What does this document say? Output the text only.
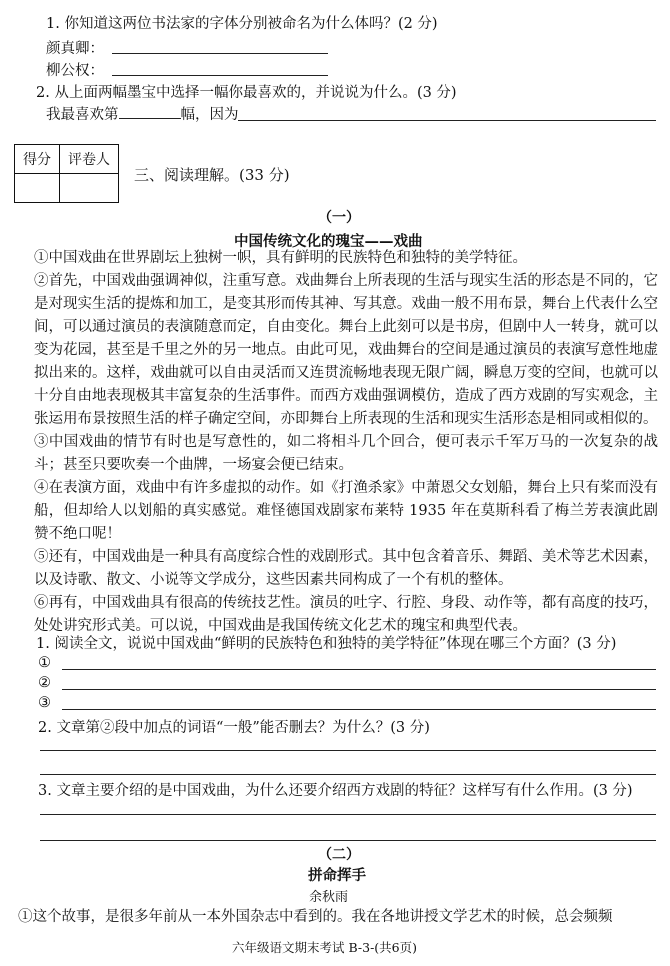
1. 你知道这两位书法家的字体分别被命名为什么体吗？(2 分)
颜真卿：
柳公权：
2. 从上面两幅墨宝中选择一幅你最喜欢的，并说说为什么。(3 分)
我最喜欢第	幅，因为
得分	评卷人

三、阅读理解。(33 分)
（一）
中国传统文化的瑰宝——戏曲

①中国戏曲在世界剧坛上独树一帜，具有鲜明的民族特色和独特的美学特征。

②首先，中国戏曲强调神似，注重写意。戏曲舞台上所表现的生活与现实生活的形态是不同的，它是对现实生活的提炼和加工，是变其形而传其神、写其意。戏曲一般不用布景，舞台上代表什么空间，可以通过演员的表演随意而定，自由变化。舞台上此刻可以是书房，但剧中人一转身，就可以变为花园，甚至是千里之外的另一地点。由此可见，戏曲舞台的空间是通过演员的表演写意性地虚拟出来的。这样，戏曲就可以自由灵活而又连贯流畅地表现无限广阔，瞬息万变的空间，也就可以十分自由地表现极其丰富复杂的生活事件。而西方戏曲强调模仿，造成了西方戏剧的写实观念，主张运用布景按照生活的样子确定空间，亦即舞台上所表现的生活和现实生活形态是相同或相似的。

③中国戏曲的情节有时也是写意性的，如二将相斗几个回合，便可表示千军万马的一次复杂的战斗；甚至只要吹奏一个曲牌，一场宴会便已结束。

④在表演方面，戏曲中有许多虚拟的动作。如《打渔杀家》中萧恩父女划船，舞台上只有桨而没有船，但却给人以划船的真实感觉。难怪德国戏剧家布莱特 1935 年在莫斯科看了梅兰芳表演此剧赞不绝口呢！

⑤还有，中国戏曲是一种具有高度综合性的戏剧形式。其中包含着音乐、舞蹈、美术等艺术因素，以及诗歌、散文、小说等文学成分，这些因素共同构成了一个有机的整体。

⑥再有，中国戏曲具有很高的传统技艺性。演员的吐字、行腔、身段、动作等，都有高度的技巧，处处讲究形式美。可以说，中国戏曲是我国传统文化艺术的瑰宝和典型代表。

1. 阅读全文，说说中国戏曲“鲜明的民族特色和独特的美学特征”体现在哪三个方面？(3 分)
①
②
③
2. 文章第②段中加点的词语“一般”能否删去？为什么？(3 分)
3. 文章主要介绍的是中国戏曲，为什么还要介绍西方戏剧的特征？这样写有什么作用。(3 分)
（二）
拼命挥手
余秋雨
①这个故事，是很多年前从一本外国杂志中看到的。我在各地讲授文学艺术的时候，总会频频
六年级语文期末考试 B-3-(共6页)
